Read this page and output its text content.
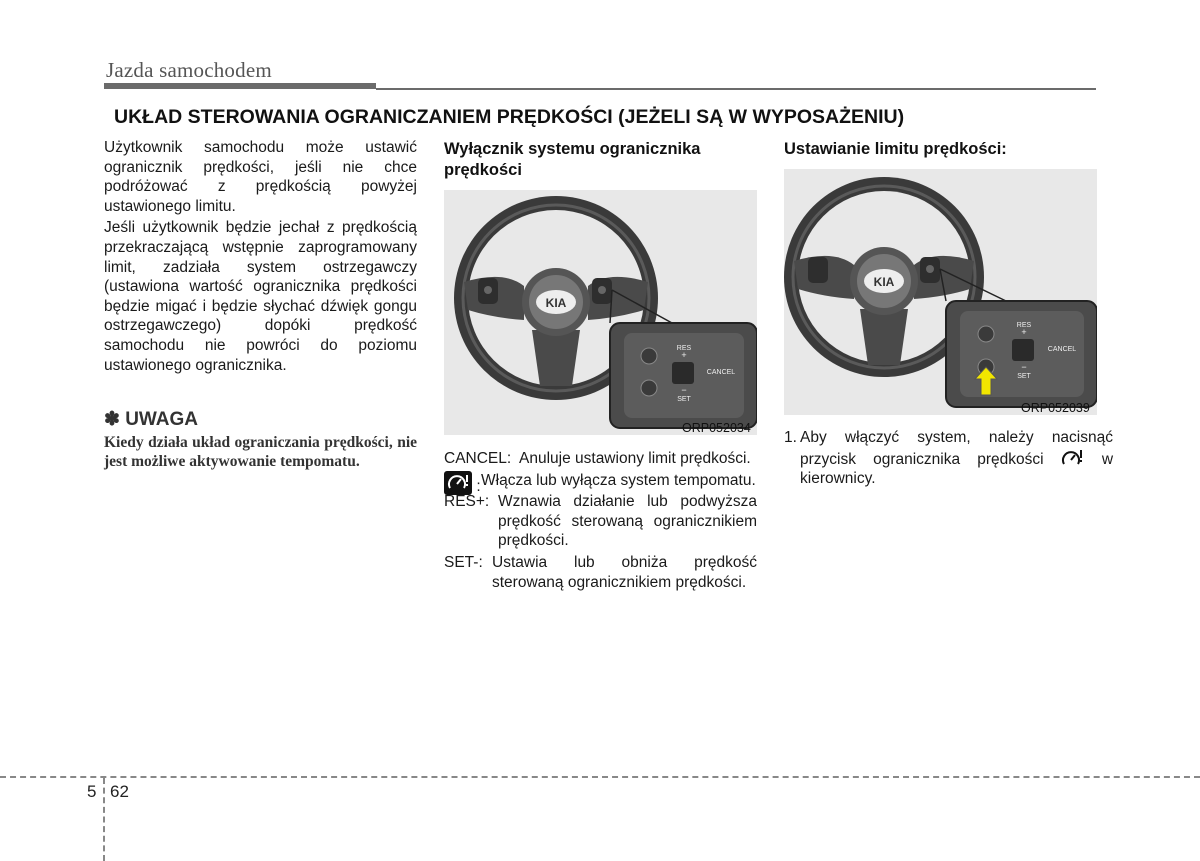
Jazda samochodem
UKŁAD STEROWANIA OGRANICZANIEM PRĘDKOŚCI (JEŻELI SĄ W WYPOSAŻENIU)

Użytkownik samochodu może ustawić ogranicznik prędkości, jeśli nie chce podróżować z prędkością powyżej ustawionego limitu.

Jeśli użytkownik będzie jechał z prędkością przekraczającą wstępnie zaprogramowany limit, zadziała system ostrzegawczy (ustawiona wartość ogranicznika prędkości będzie migać i będzie słychać dźwięk gongu ostrzegawczego) dopóki prędkość samochodu nie powróci do poziomu ustawionego ogranicznika.

✽ UWAGA
Kiedy działa układ ograniczania prędkości, nie jest możliwe aktywowanie tempomatu.
Wyłącznik systemu ogranicznika prędkości
KIA
RES
+
−
SET
CANCEL
ORP052034
CANCEL: Anuluje ustawiony limit prędkości.
: Włącza lub wyłącza system tempomatu.
RES+: Wznawia działanie lub podwyższa prędkość sterowaną ogranicznikiem prędkości.
SET-: Ustawia lub obniża prędkość sterowaną ogranicznikiem prędkości.
Ustawianie limitu prędkości:
KIA
RES
+
−
SET
CANCEL
ORP052039
1. Aby włączyć system, należy nacisnąć przycisk ogranicznika prędkości	w kierownicy.
5 62
